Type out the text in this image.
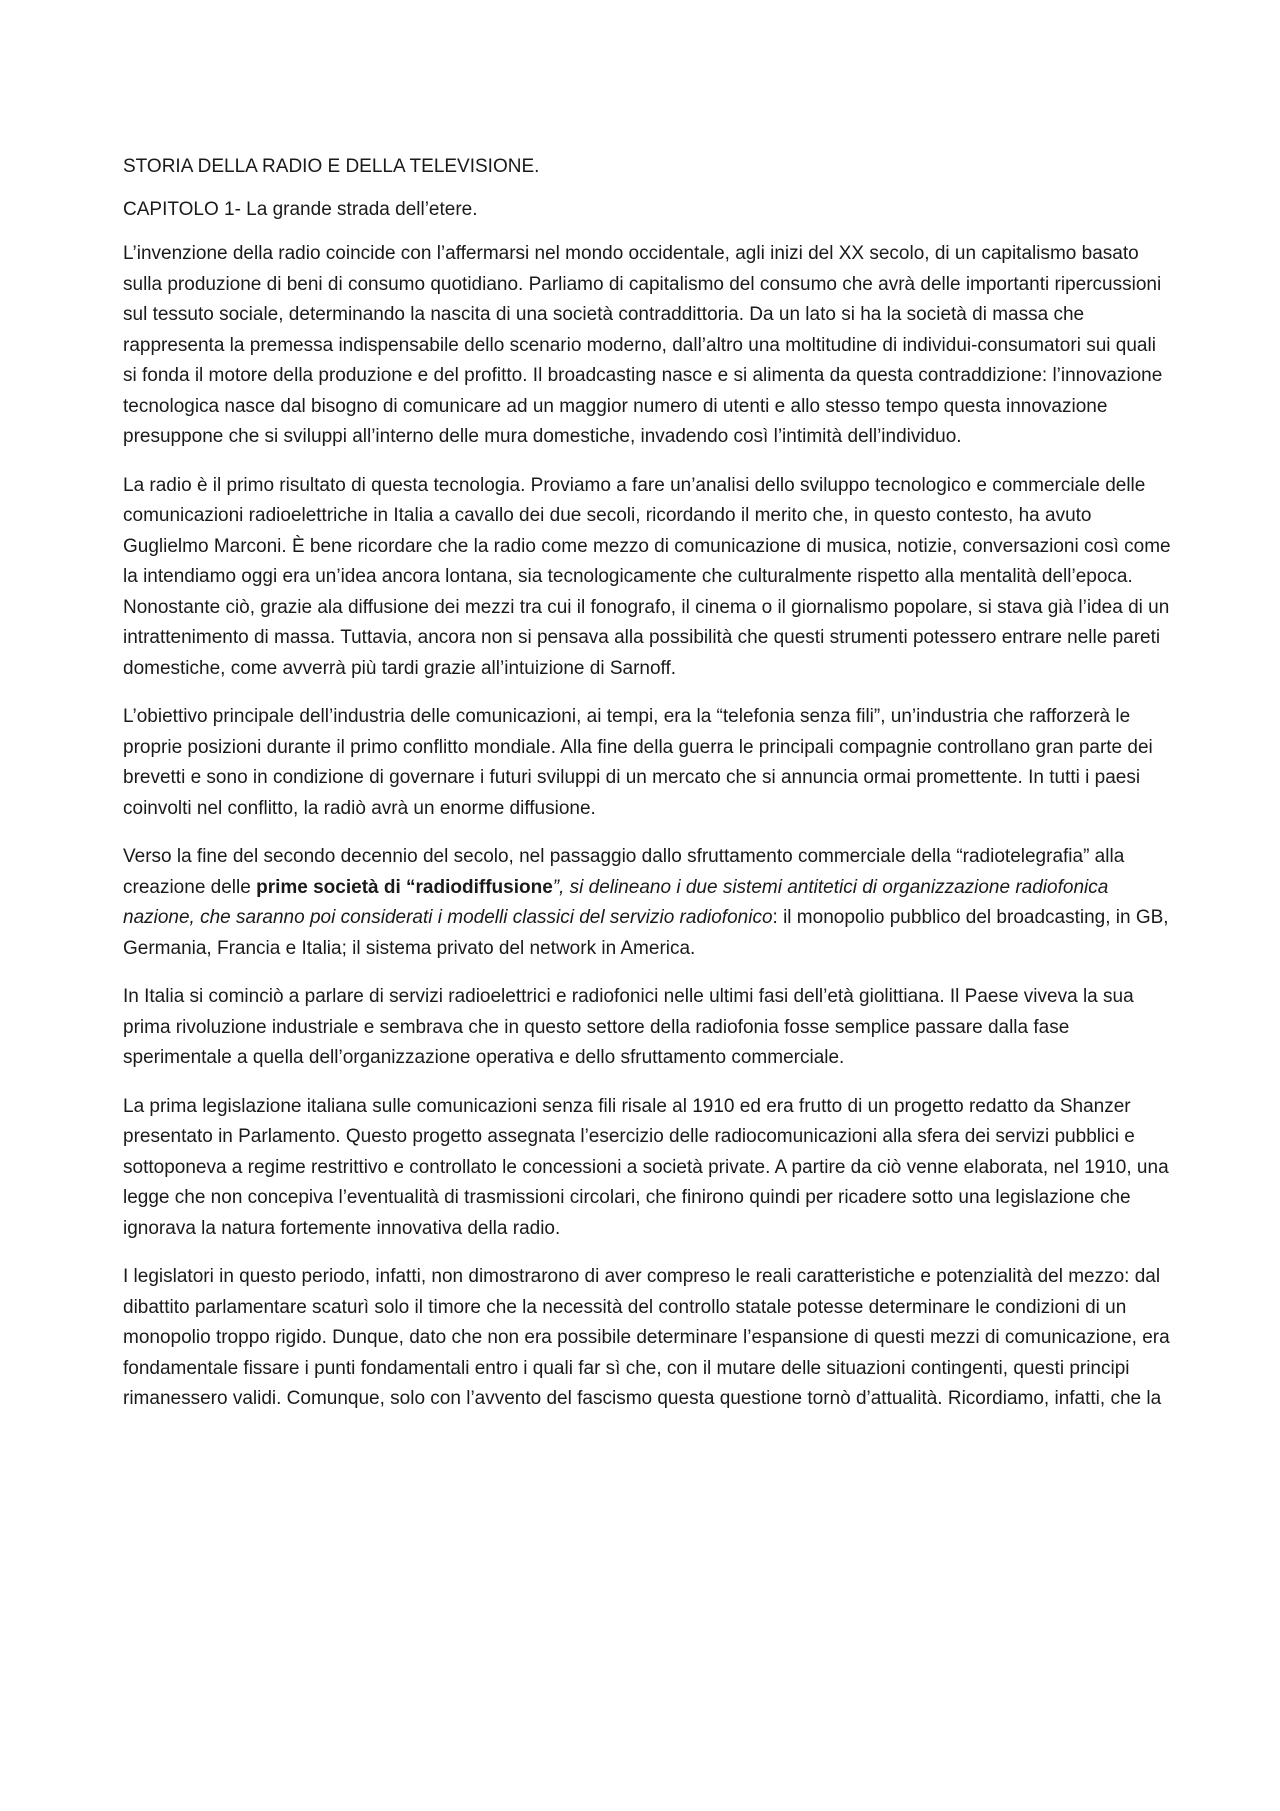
STORIA DELLA RADIO E DELLA TELEVISIONE.

CAPITOLO 1- La grande strada dell’etere.

L’invenzione della radio coincide con l’affermarsi nel mondo occidentale, agli inizi del XX secolo, di un capitalismo basato sulla produzione di beni di consumo quotidiano. Parliamo di capitalismo del consumo che avrà delle importanti ripercussioni sul tessuto sociale, determinando la nascita di una società contraddittoria. Da un lato si ha la società di massa che rappresenta la premessa indispensabile dello scenario moderno, dall’altro una moltitudine di individui-consumatori sui quali si fonda il motore della produzione e del profitto. Il broadcasting nasce e si alimenta da questa contraddizione: l’innovazione tecnologica nasce dal bisogno di comunicare ad un maggior numero di utenti e allo stesso tempo questa innovazione presuppone che si sviluppi all’interno delle mura domestiche, invadendo così l’intimità dell’individuo.

La radio è il primo risultato di questa tecnologia. Proviamo a fare un’analisi dello sviluppo tecnologico e commerciale delle comunicazioni radioelettriche in Italia a cavallo dei due secoli, ricordando il merito che, in questo contesto, ha avuto Guglielmo Marconi. È bene ricordare che la radio come mezzo di comunicazione di musica, notizie, conversazioni così come la intendiamo oggi era un’idea ancora lontana, sia tecnologicamente che culturalmente rispetto alla mentalità dell’epoca. Nonostante ciò, grazie ala diffusione dei mezzi tra cui il fonografo, il cinema o il giornalismo popolare, si stava già l’idea di un intrattenimento di massa. Tuttavia, ancora non si pensava alla possibilità che questi strumenti potessero entrare nelle pareti domestiche, come avverrà più tardi grazie all’intuizione di Sarnoff.

L’obiettivo principale dell’industria delle comunicazioni, ai tempi, era la “telefonia senza fili”, un’industria che rafforzerà le proprie posizioni durante il primo conflitto mondiale. Alla fine della guerra le principali compagnie controllano gran parte dei brevetti e sono in condizione di governare i futuri sviluppi di un mercato che si annuncia ormai promettente. In tutti i paesi coinvolti nel conflitto, la radiò avrà un enorme diffusione.

Verso la fine del secondo decennio del secolo, nel passaggio dallo sfruttamento commerciale della “radiotelegrafia” alla creazione delle prime società di “radiodiffusione”, si delineano i due sistemi antitetici di organizzazione radiofonica nazione, che saranno poi considerati i modelli classici del servizio radiofonico: il monopolio pubblico del broadcasting, in GB, Germania, Francia e Italia; il sistema privato del network in America.

In Italia si cominciò a parlare di servizi radioelettrici e radiofonici nelle ultimi fasi dell’età giolittiana. Il Paese viveva la sua prima rivoluzione industriale e sembrava che in questo settore della radiofonia fosse semplice passare dalla fase sperimentale a quella dell’organizzazione operativa e dello sfruttamento commerciale.

La prima legislazione italiana sulle comunicazioni senza fili risale al 1910 ed era frutto di un progetto redatto da Shanzer presentato in Parlamento. Questo progetto assegnata l’esercizio delle radiocomunicazioni alla sfera dei servizi pubblici e sottoponeva a regime restrittivo e controllato le concessioni a società private. A partire da ciò venne elaborata, nel 1910, una legge che non concepiva l’eventualità di trasmissioni circolari, che finirono quindi per ricadere sotto una legislazione che ignorava la natura fortemente innovativa della radio.

I legislatori in questo periodo, infatti, non dimostrarono di aver compreso le reali caratteristiche e potenzialità del mezzo: dal dibattito parlamentare scaturì solo il timore che la necessità del controllo statale potesse determinare le condizioni di un monopolio troppo rigido. Dunque, dato che non era possibile determinare l’espansione di questi mezzi di comunicazione, era fondamentale fissare i punti fondamentali entro i quali far sì che, con il mutare delle situazioni contingenti, questi principi rimanessero validi. Comunque, solo con l’avvento del fascismo questa questione tornò d’attualità. Ricordiamo, infatti, che la
